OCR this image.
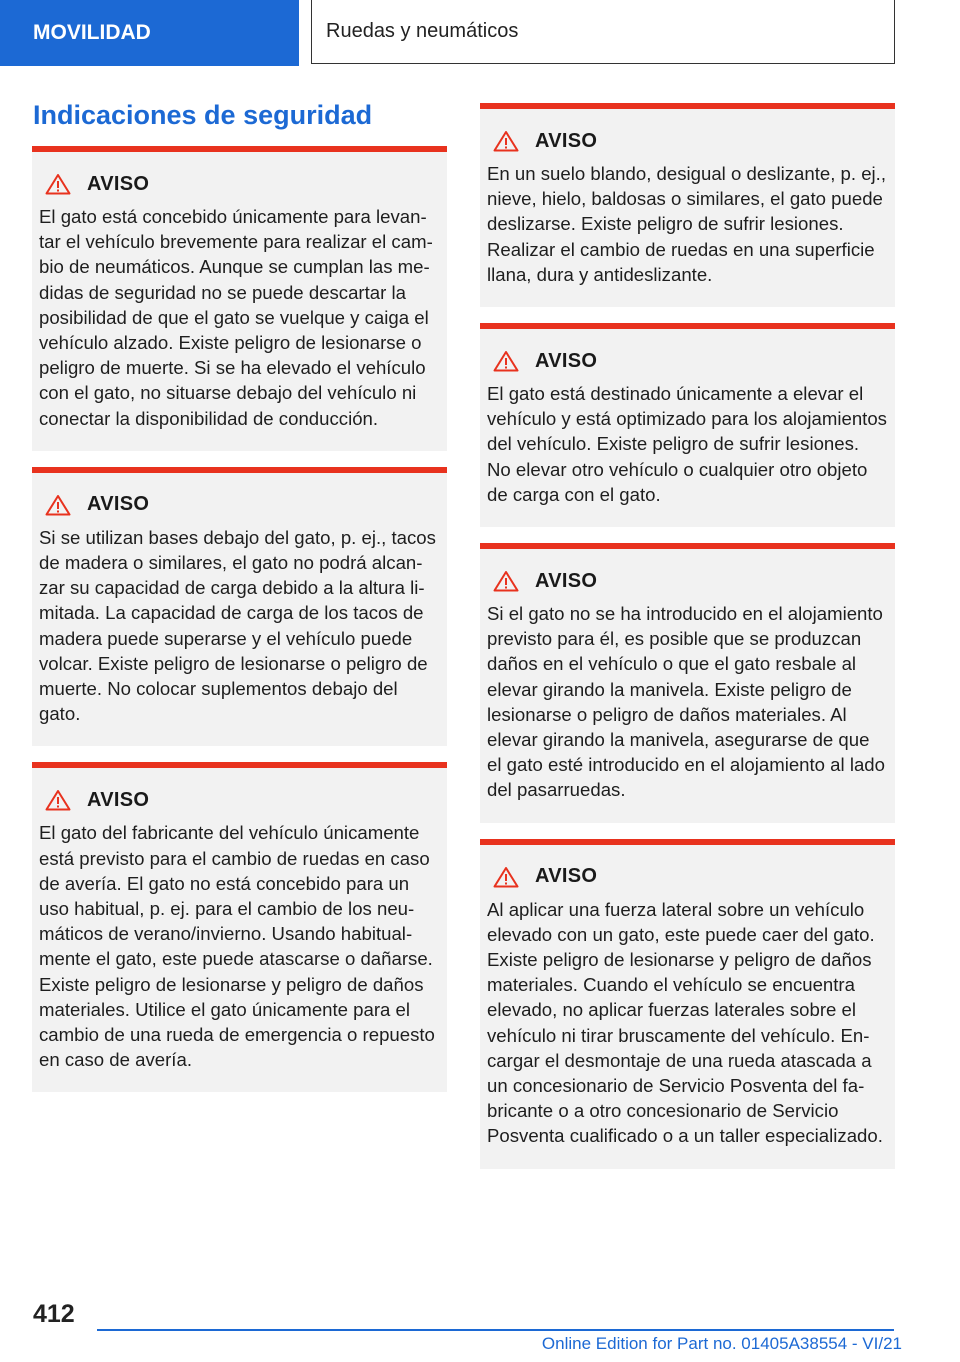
MOVILIDAD	Ruedas y neumáticos
Indicaciones de seguridad
AVISO

El gato está concebido únicamente para levantar el vehículo brevemente para realizar el cambio de neumáticos. Aunque se cumplan las medidas de seguridad no se puede descartar la posibilidad de que el gato se vuelque y caiga el vehículo alzado. Existe peligro de lesionarse o peligro de muerte. Si se ha elevado el vehículo con el gato, no situarse debajo del vehículo ni conectar la disponibilidad de conducción.

AVISO

Si se utilizan bases debajo del gato, p. ej., tacos de madera o similares, el gato no podrá alcanzar su capacidad de carga debido a la altura limitada. La capacidad de carga de los tacos de madera puede superarse y el vehículo puede volcar. Existe peligro de lesionarse o peligro de muerte. No colocar suplementos debajo del gato.

AVISO

El gato del fabricante del vehículo únicamente está previsto para el cambio de ruedas en caso de avería. El gato no está concebido para un uso habitual, p. ej. para el cambio de los neumáticos de verano/invierno. Usando habitualmente el gato, este puede atascarse o dañarse. Existe peligro de lesionarse y peligro de daños materiales. Utilice el gato únicamente para el cambio de una rueda de emergencia o repuesto en caso de avería.

AVISO

En un suelo blando, desigual o deslizante, p. ej., nieve, hielo, baldosas o similares, el gato puede deslizarse. Existe peligro de sufrir lesiones. Realizar el cambio de ruedas en una superficie llana, dura y antideslizante.

AVISO

El gato está destinado únicamente a elevar el vehículo y está optimizado para los alojamientos del vehículo. Existe peligro de sufrir lesiones. No elevar otro vehículo o cualquier otro objeto de carga con el gato.

AVISO

Si el gato no se ha introducido en el alojamiento previsto para él, es posible que se produzcan daños en el vehículo o que el gato resbale al elevar girando la manivela. Existe peligro de lesionarse o peligro de daños materiales. Al elevar girando la manivela, asegurarse de que el gato esté introducido en el alojamiento al lado del pasarruedas.

AVISO

Al aplicar una fuerza lateral sobre un vehículo elevado con un gato, este puede caer del gato. Existe peligro de lesionarse y peligro de daños materiales. Cuando el vehículo se encuentra elevado, no aplicar fuerzas laterales sobre el vehículo ni tirar bruscamente del vehículo. Encargar el desmontaje de una rueda atascada a un concesionario de Servicio Posventa del fabricante o a otro concesionario de Servicio Posventa cualificado o a un taller especializado.

412
Online Edition for Part no. 01405A38554 - VI/21
